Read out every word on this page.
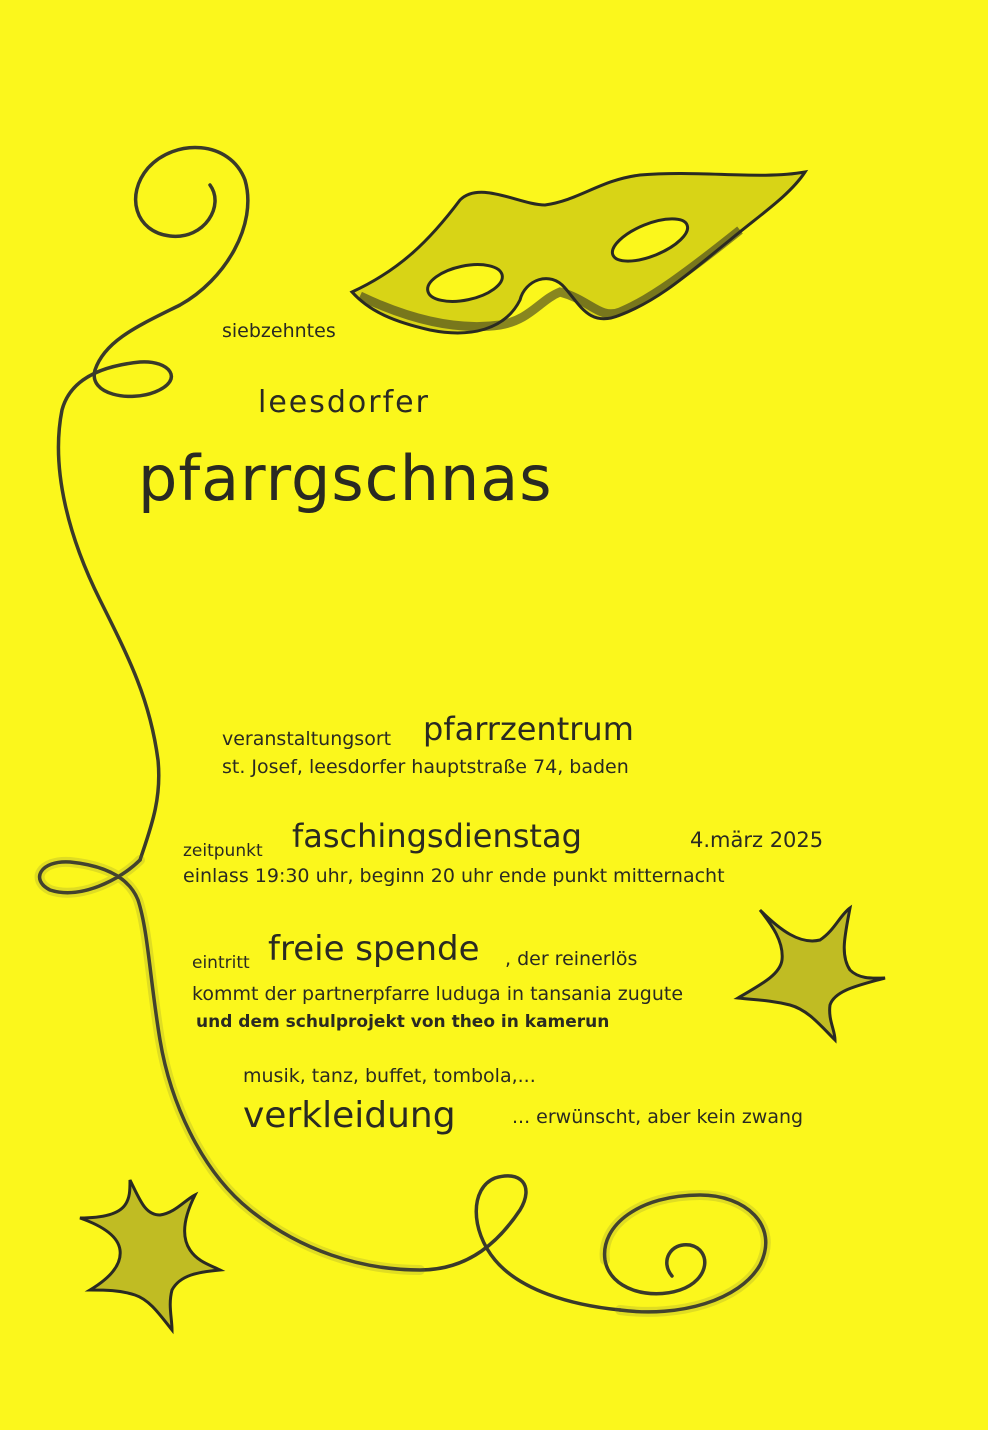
siebzehntes
leesdorfer
pfarrgschnas
veranstaltungsort pfarrzentrum
st. Josef, leesdorfer hauptstraße 74, baden
zeitpunkt faschingsdienstag	4.märz 2025
einlass 19:30 uhr, beginn 20 uhr ende punkt mitternacht
eintritt freie spende , der reinerlös
kommt der partnerpfarre luduga in tansania zugute
und dem schulprojekt von theo in kamerun
musik, tanz, buffet, tombola,...
verkleidung	... erwünscht, aber kein zwang
